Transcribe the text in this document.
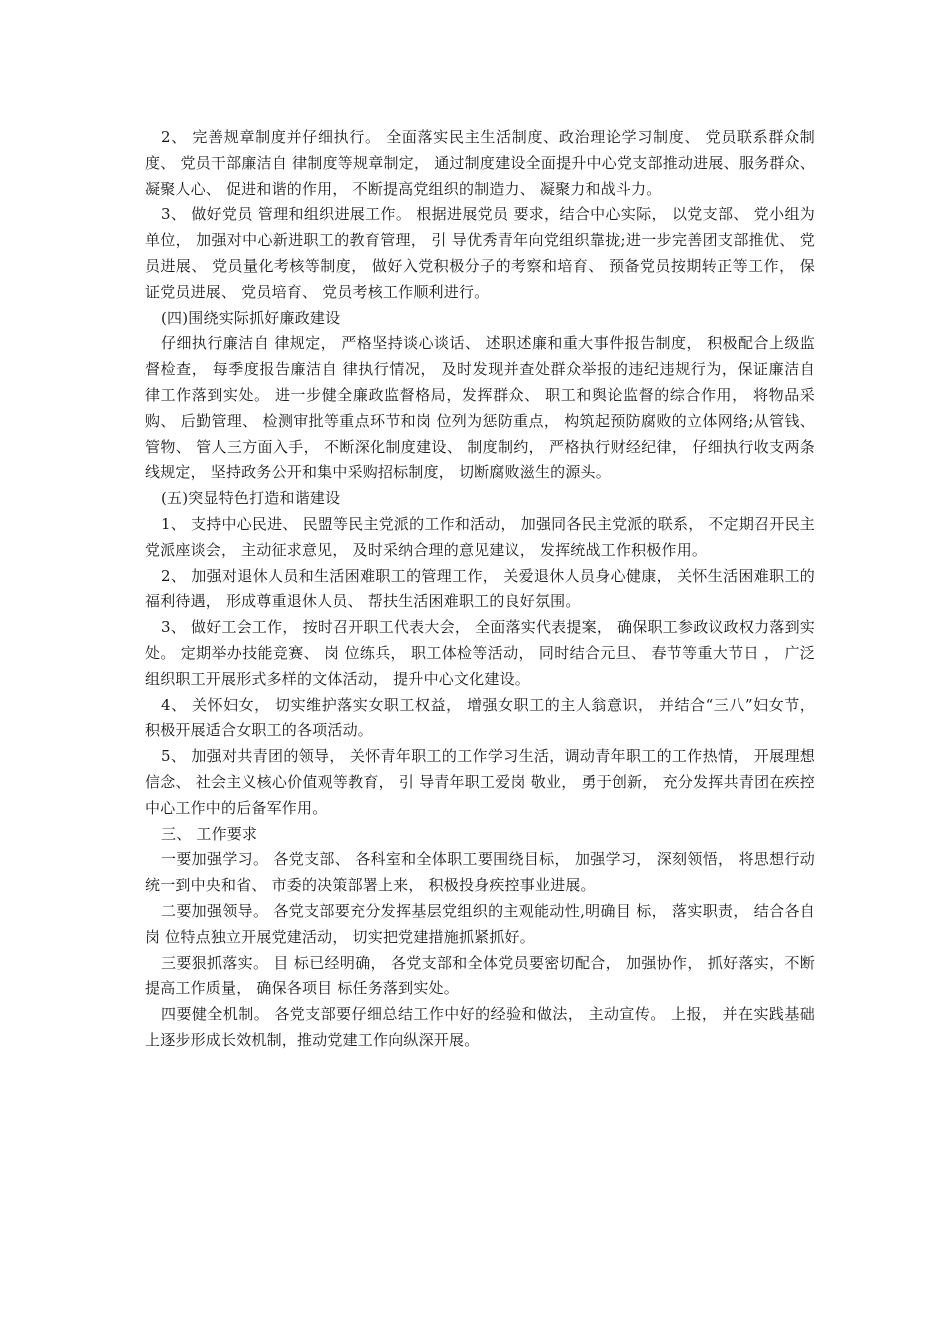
2、 完善规章制度并仔细执行。 全面落实民主生活制度、政治理论学习制度、 党员联系群众制度、 党员干部廉洁自 律制度等规章制定， 通过制度建设全面提升中心党支部推动进展、服务群众、 凝聚人心、 促进和谐的作用， 不断提高党组织的制造力、 凝聚力和战斗力。

3、 做好党员 管理和组织进展工作。 根据进展党员 要求，结合中心实际， 以党支部、 党小组为单位， 加强对中心新进职工的教育管理， 引 导优秀青年向党组织靠拢;进一步完善团支部推优、 党员进展、 党员量化考核等制度， 做好入党积极分子的考察和培育、 预备党员按期转正等工作， 保证党员进展、 党员培育、 党员考核工作顺利进行。

(四)围绕实际抓好廉政建设

仔细执行廉洁自 律规定， 严格坚持谈心谈话、 述职述廉和重大事件报告制度， 积极配合上级监督检查， 每季度报告廉洁自 律执行情况， 及时发现并查处群众举报的违纪违规行为，保证廉洁自 律工作落到实处。 进一步健全廉政监督格局，发挥群众、 职工和舆论监督的综合作用， 将物品采购、 后勤管理、 检测审批等重点环节和岗 位列为惩防重点， 构筑起预防腐败的立体网络;从管钱、 管物、 管人三方面入手， 不断深化制度建设、 制度制约， 严格执行财经纪律， 仔细执行收支两条线规定， 坚持政务公开和集中采购招标制度， 切断腐败滋生的源头。

(五)突显特色打造和谐建设

1、 支持中心民进、 民盟等民主党派的工作和活动， 加强同各民主党派的联系， 不定期召开民主党派座谈会， 主动征求意见， 及时采纳合理的意见建议， 发挥统战工作积极作用。

2、 加强对退休人员和生活困难职工的管理工作， 关爱退休人员身心健康， 关怀生活困难职工的福利待遇， 形成尊重退休人员、 帮扶生活困难职工的良好氛围。

3、 做好工会工作， 按时召开职工代表大会， 全面落实代表提案， 确保职工参政议政权力落到实处。 定期举办技能竞赛、 岗 位练兵， 职工体检等活动， 同时结合元旦、 春节等重大节日 ， 广泛组织职工开展形式多样的文体活动， 提升中心文化建设。

4、 关怀妇女， 切实维护落实女职工权益， 增强女职工的主人翁意识， 并结合“三八”妇女节， 积极开展适合女职工的各项活动。

5、 加强对共青团的领导， 关怀青年职工的工作学习生活，调动青年职工的工作热情， 开展理想信念、 社会主义核心价值观等教育， 引 导青年职工爱岗 敬业， 勇于创新， 充分发挥共青团在疾控中心工作中的后备军作用。

三、 工作要求

一要加强学习。 各党支部、 各科室和全体职工要围绕目标， 加强学习， 深刻领悟， 将思想行动统一到中央和省、 市委的决策部署上来， 积极投身疾控事业进展。

二要加强领导。 各党支部要充分发挥基层党组织的主观能动性,明确目 标， 落实职责， 结合各自 岗 位特点独立开展党建活动， 切实把党建措施抓紧抓好。

三要狠抓落实。 目 标已经明确， 各党支部和全体党员要密切配合， 加强协作， 抓好落实，不断提高工作质量， 确保各项目 标任务落到实处。

四要健全机制。 各党支部要仔细总结工作中好的经验和做法， 主动宣传。 上报， 并在实践基础上逐步形成长效机制，推动党建工作向纵深开展。
